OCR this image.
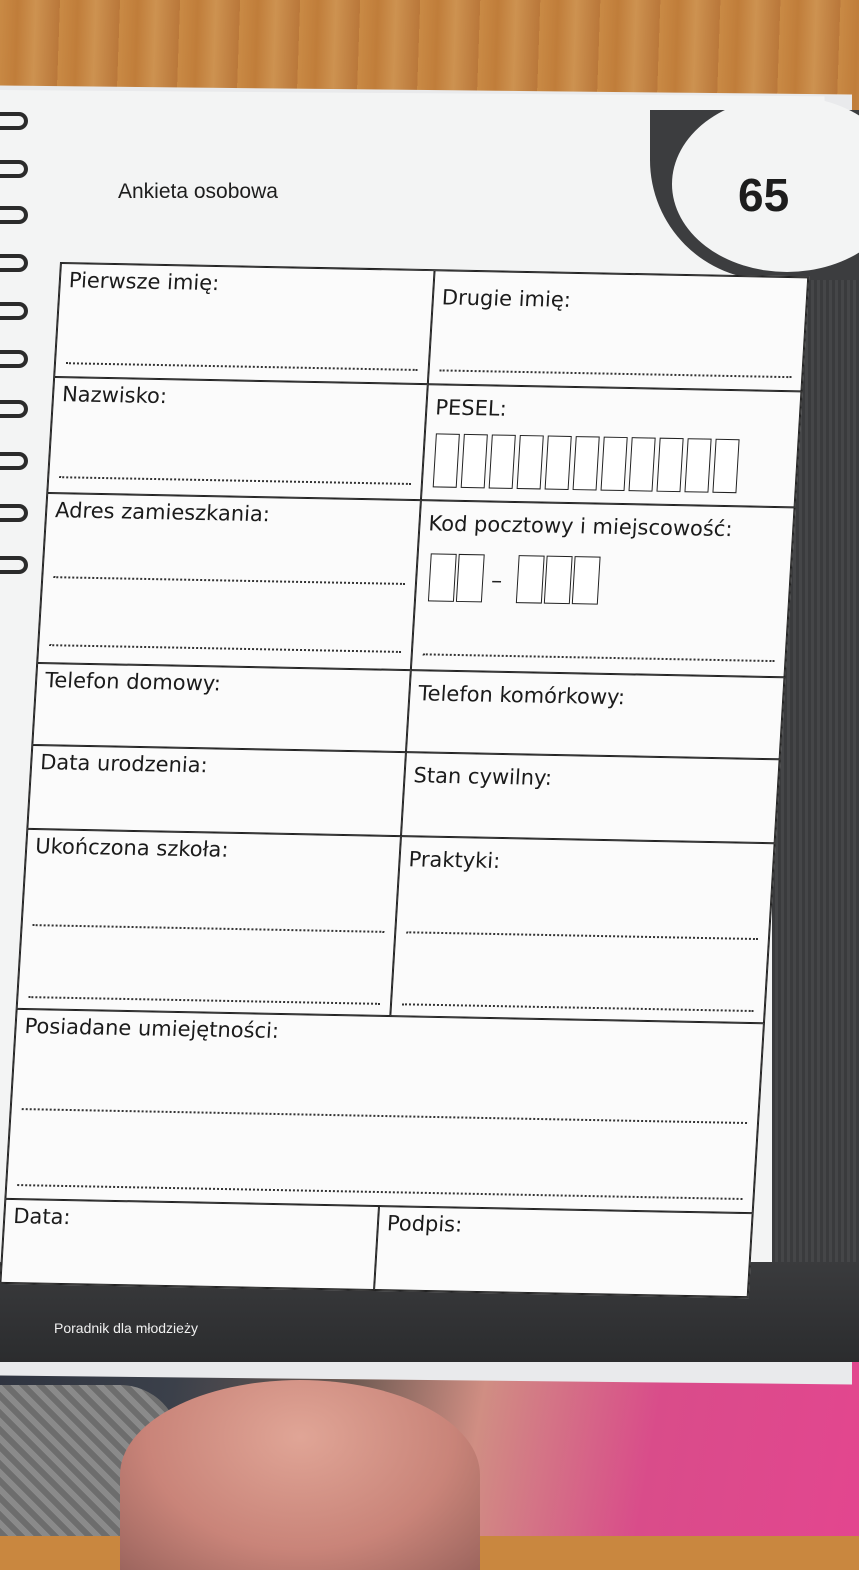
65
Ankieta osobowa
Poradnik dla młodzieży
Pierwsze imię:
Drugie imię:
Nazwisko:	PESEL:
Adres zamieszkania:	Kod pocztowy i miejscowość:
–
Telefon domowy:	Telefon komórkowy:
Data urodzenia:	Stan cywilny:
Ukończona szkoła:	Praktyki:
Posiadane umiejętności:
Data:	Podpis:
